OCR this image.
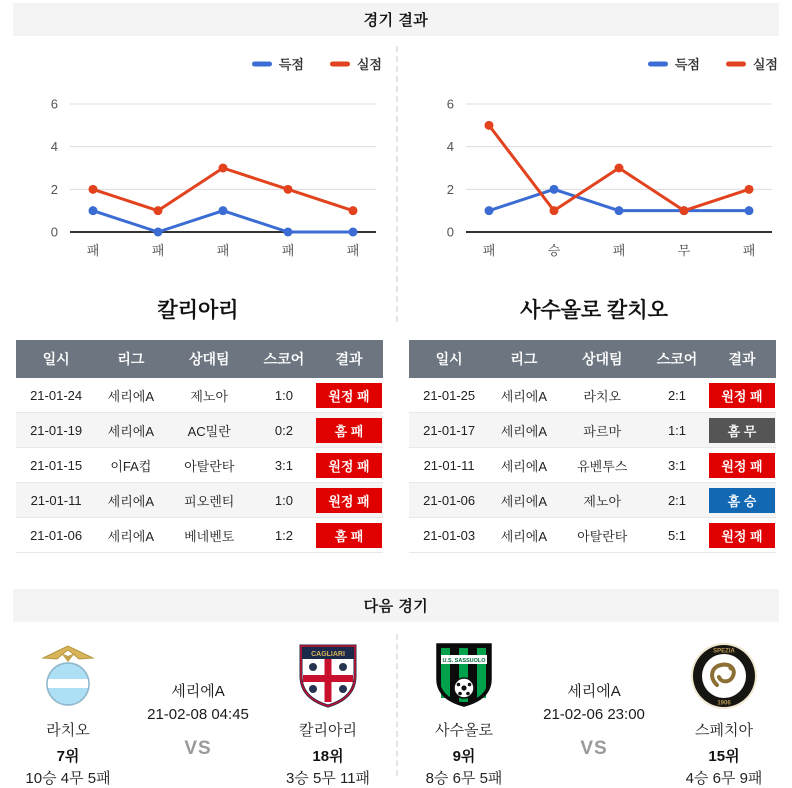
경기 결과
0
2
4
6
패	패	패	패	패
실점
득점
칼리아리
0
2
4
6
패	승	패	무	패
실점
득점
사수올로 칼치오
일시	리그	상대팀	스코어	결과
21-01-24	세리에A	제노아	1:0	원정 패
21-01-19	세리에A	AC밀란	0:2	홈 패
21-01-15	이FA컵	아탈란타	3:1	원정 패
21-01-11	세리에A	피오렌티	1:0	원정 패
21-01-06	세리에A	베네벤토	1:2	홈 패
일시	리그	상대팀	스코어	결과
21-01-25	세리에A	라치오	2:1	원정 패
21-01-17	세리에A	파르마	1:1	홈 무
21-01-11	세리에A	유벤투스	3:1	원정 패
21-01-06	세리에A	제노아	2:1	홈 승
21-01-03	세리에A	아탈란타	5:1	원정 패
다음 경기
라치오
7위
10승 4무 5패
세리에A
21-02-08 04:45
VS
CAGLIARI
칼리아리
18위
3승 5무 11패
U.S. SASSUOLO
사수올로
9위
8승 6무 5패
세리에A
21-02-06 23:00
VS
SPEZIA
1906
스페치아
15위
4승 6무 9패
